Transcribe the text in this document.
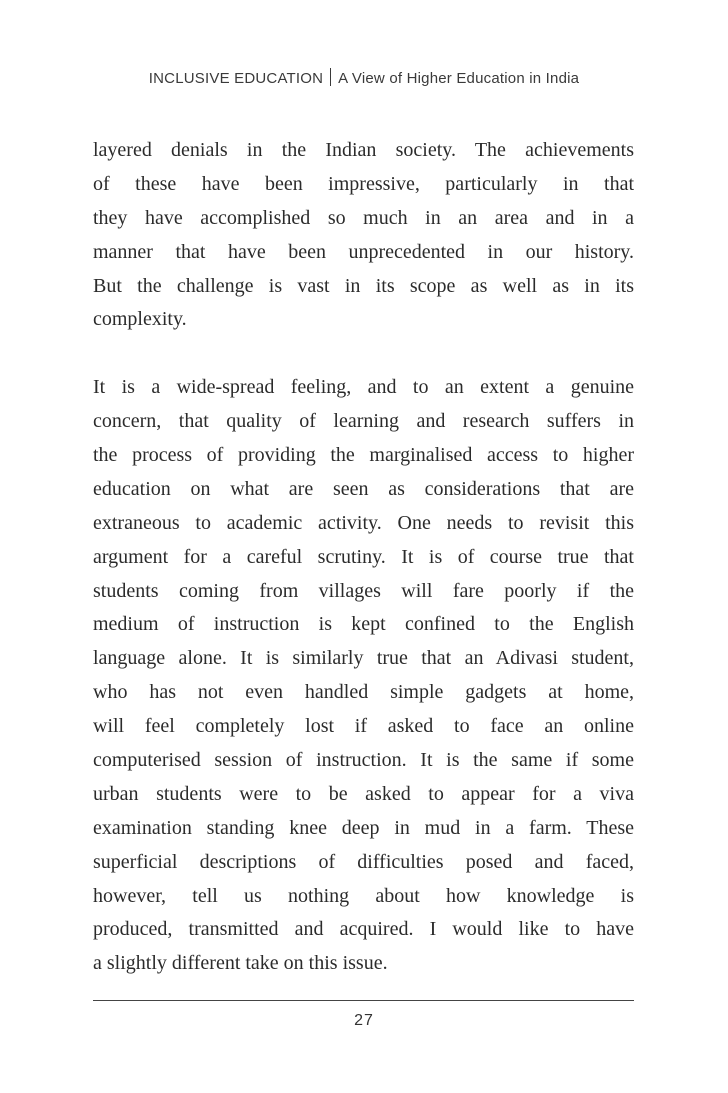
INCLUSIVE EDUCATION A View of Higher Education in India
layered denials in the Indian society. The achievements
of these have been impressive, particularly in that
they have accomplished so much in an area and in a
manner that have been unprecedented in our history.
But the challenge is vast in its scope as well as in its
complexity.
It is a wide-spread feeling, and to an extent a genuine
concern, that quality of learning and research suffers in
the process of providing the marginalised access to higher
education on what are seen as considerations that are
extraneous to academic activity. One needs to revisit this
argument for a careful scrutiny. It is of course true that
students coming from villages will fare poorly if the
medium of instruction is kept confined to the English
language alone. It is similarly true that an Adivasi student,
who has not even handled simple gadgets at home,
will feel completely lost if asked to face an online
computerised session of instruction. It is the same if some
urban students were to be asked to appear for a viva
examination standing knee deep in mud in a farm. These
superficial descriptions of difficulties posed and faced,
however, tell us nothing about how knowledge is
produced, transmitted and acquired. I would like to have
a slightly different take on this issue.
27
